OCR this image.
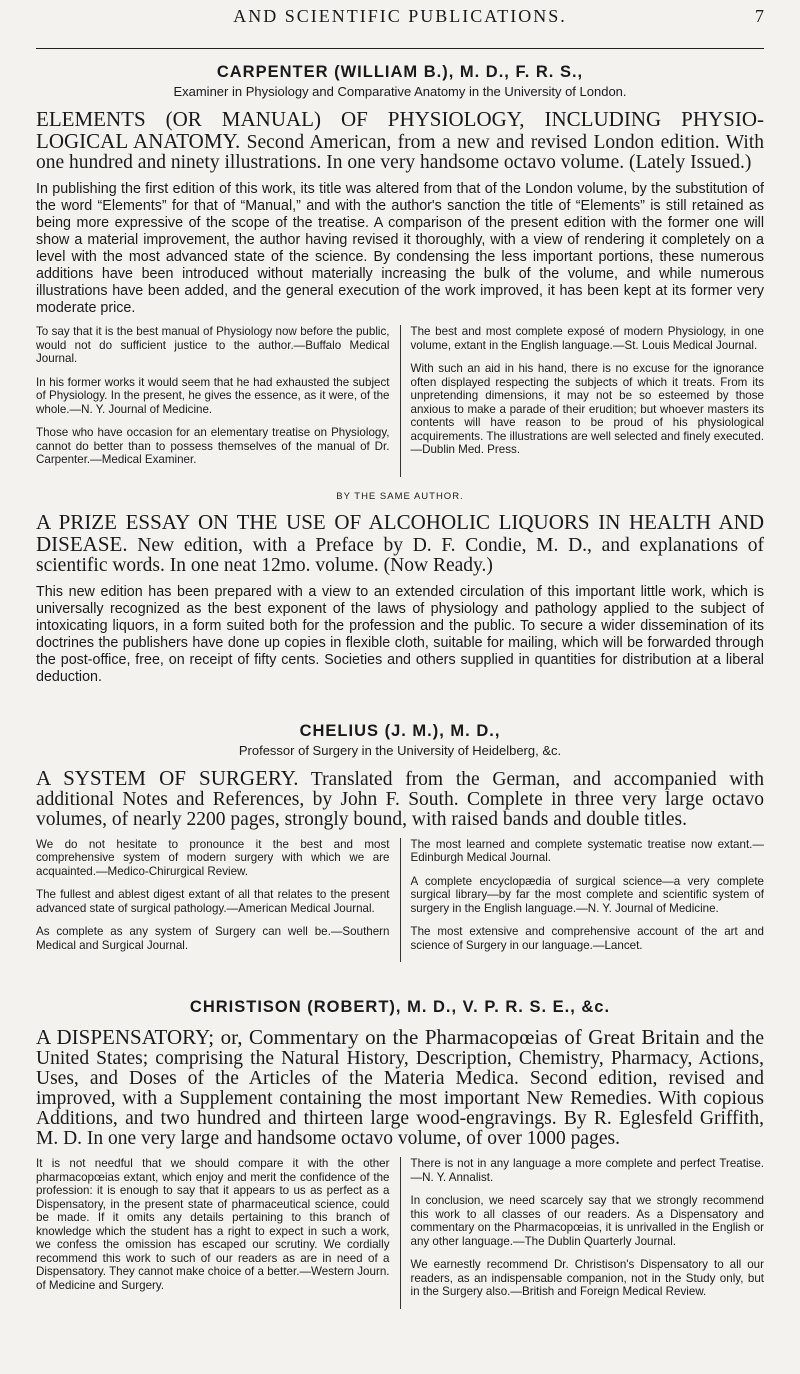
AND SCIENTIFIC PUBLICATIONS.	7
CARPENTER (WILLIAM B.), M. D., F. R. S.,
Examiner in Physiology and Comparative Anatomy in the University of London.
ELEMENTS (OR MANUAL) OF PHYSIOLOGY, INCLUDING PHYSIO-LOGICAL ANATOMY. Second American, from a new and revised London edition. With one hundred and ninety illustrations. In one very handsome octavo volume. (Lately Issued.)
In publishing the first edition of this work, its title was altered from that of the London volume, by the substitution of the word “Elements” for that of “Manual,” and with the author's sanction the title of “Elements” is still retained as being more expressive of the scope of the treatise. A comparison of the present edition with the former one will show a material improvement, the author having revised it thoroughly, with a view of rendering it completely on a level with the most advanced state of the science. By condensing the less important portions, these numerous additions have been introduced without materially increasing the bulk of the volume, and while numerous illustrations have been added, and the general execution of the work improved, it has been kept at its former very moderate price.

To say that it is the best manual of Physiology now before the public, would not do sufficient justice to the author.—Buffalo Medical Journal.

In his former works it would seem that he had exhausted the subject of Physiology. In the present, he gives the essence, as it were, of the whole.—N. Y. Journal of Medicine.

Those who have occasion for an elementary treatise on Physiology, cannot do better than to possess themselves of the manual of Dr. Carpenter.—Medical Examiner.

The best and most complete exposé of modern Physiology, in one volume, extant in the English language.—St. Louis Medical Journal.

With such an aid in his hand, there is no excuse for the ignorance often displayed respecting the subjects of which it treats. From its unpretending dimensions, it may not be so esteemed by those anxious to make a parade of their erudition; but whoever masters its contents will have reason to be proud of his physiological acquirements. The illustrations are well selected and finely executed.—Dublin Med. Press.

BY THE SAME AUTHOR.
A PRIZE ESSAY ON THE USE OF ALCOHOLIC LIQUORS IN HEALTH AND DISEASE. New edition, with a Preface by D. F. Condie, M. D., and explanations of scientific words. In one neat 12mo. volume. (Now Ready.)
This new edition has been prepared with a view to an extended circulation of this important little work, which is universally recognized as the best exponent of the laws of physiology and pathology applied to the subject of intoxicating liquors, in a form suited both for the profession and the public. To secure a wider dissemination of its doctrines the publishers have done up copies in flexible cloth, suitable for mailing, which will be forwarded through the post-office, free, on receipt of fifty cents. Societies and others supplied in quantities for distribution at a liberal deduction.
CHELIUS (J. M.), M. D.,
Professor of Surgery in the University of Heidelberg, &c.
A SYSTEM OF SURGERY. Translated from the German, and accompanied with additional Notes and References, by John F. South. Complete in three very large octavo volumes, of nearly 2200 pages, strongly bound, with raised bands and double titles.

We do not hesitate to pronounce it the best and most comprehensive system of modern surgery with which we are acquainted.—Medico-Chirurgical Review.

The fullest and ablest digest extant of all that relates to the present advanced state of surgical pathology.—American Medical Journal.

As complete as any system of Surgery can well be.—Southern Medical and Surgical Journal.

The most learned and complete systematic treatise now extant.—Edinburgh Medical Journal.

A complete encyclopædia of surgical science—a very complete surgical library—by far the most complete and scientific system of surgery in the English language.—N. Y. Journal of Medicine.

The most extensive and comprehensive account of the art and science of Surgery in our language.—Lancet.

CHRISTISON (ROBERT), M. D., V. P. R. S. E., &c.
A DISPENSATORY; or, Commentary on the Pharmacopœias of Great Britain and the United States; comprising the Natural History, Description, Chemistry, Pharmacy, Actions, Uses, and Doses of the Articles of the Materia Medica. Second edition, revised and improved, with a Supplement containing the most important New Remedies. With copious Additions, and two hundred and thirteen large wood-engravings. By R. Eglesfeld Griffith, M. D. In one very large and handsome octavo volume, of over 1000 pages.

It is not needful that we should compare it with the other pharmacopœias extant, which enjoy and merit the confidence of the profession: it is enough to say that it appears to us as perfect as a Dispensatory, in the present state of pharmaceutical science, could be made. If it omits any details pertaining to this branch of knowledge which the student has a right to expect in such a work, we confess the omission has escaped our scrutiny. We cordially recommend this work to such of our readers as are in need of a Dispensatory. They cannot make choice of a better.—Western Journ. of Medicine and Surgery.

There is not in any language a more complete and perfect Treatise.—N. Y. Annalist.

In conclusion, we need scarcely say that we strongly recommend this work to all classes of our readers. As a Dispensatory and commentary on the Pharmacopœias, it is unrivalled in the English or any other language.—The Dublin Quarterly Journal.

We earnestly recommend Dr. Christison's Dispensatory to all our readers, as an indispensable companion, not in the Study only, but in the Surgery also.—British and Foreign Medical Review.
